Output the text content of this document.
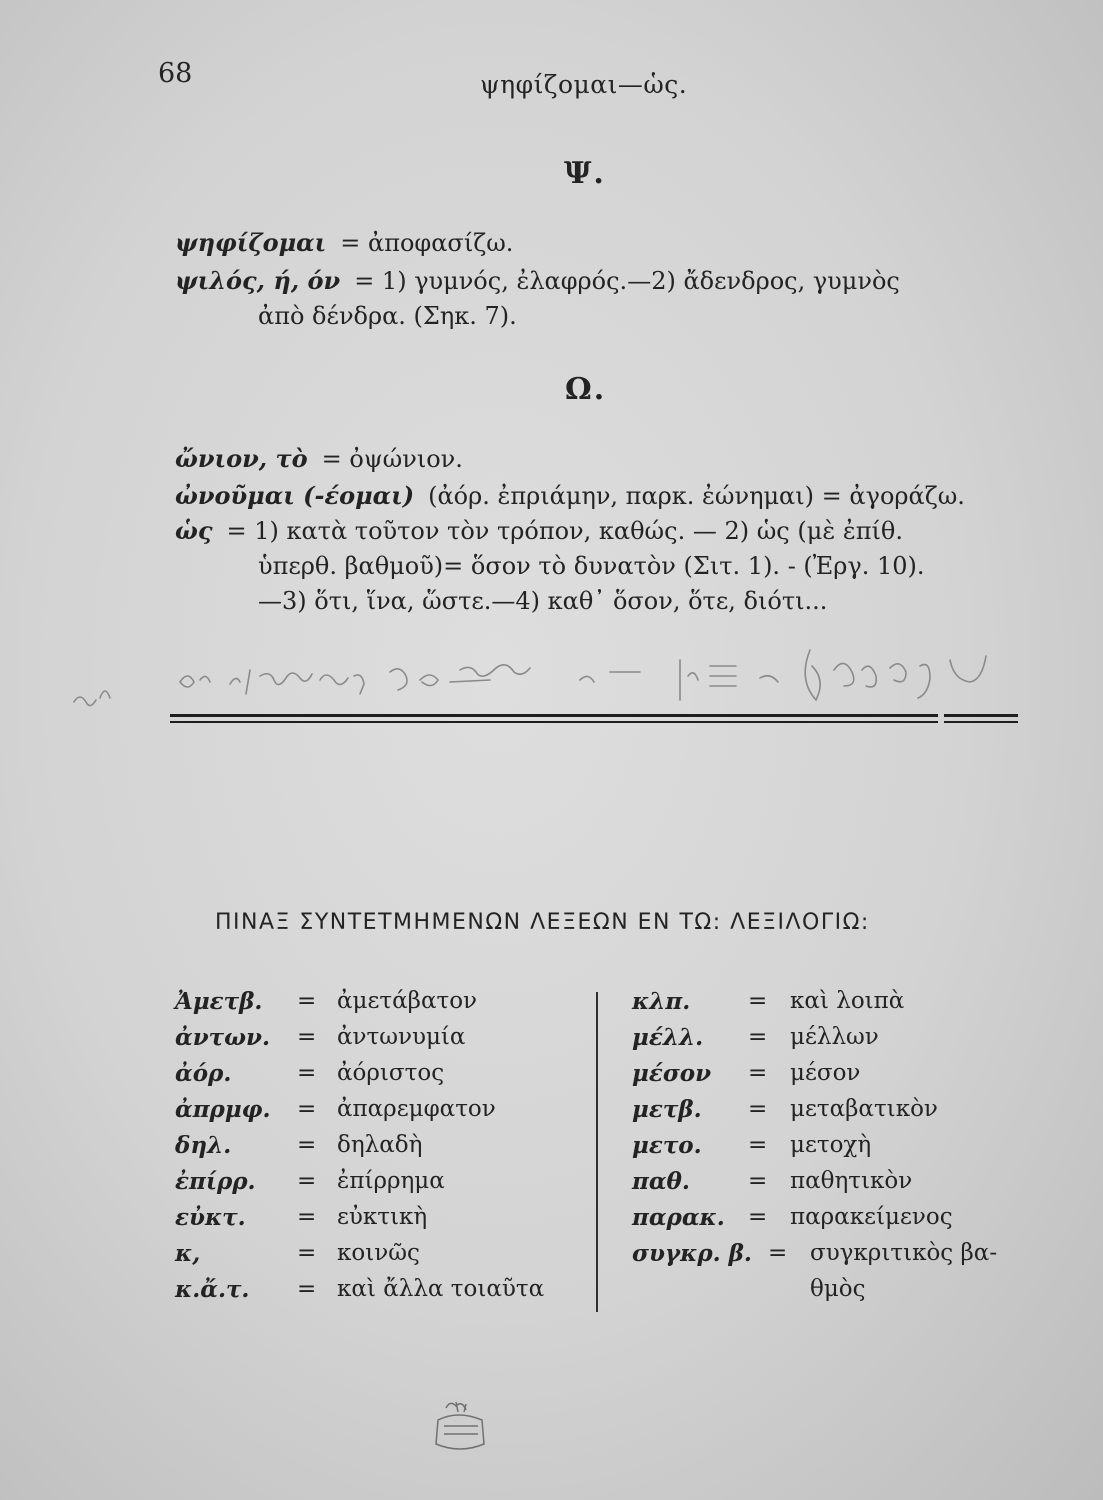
68	ψηφίζομαι—ὡς.
Ψ.
ψηφίζομαι = ἀποφασίζω.
ψιλός, ή, όν = 1) γυμνός, ἐλαφρός.—2) ἄδενδρος, γυμνὸς
ἀπὸ δένδρα. (Σηκ. 7).
Ω.
ὤνιον, τὸ = ὀψώνιον.
ὠνοῦμαι (-έομαι) (ἀόρ. ἐπριάμην, παρκ. ἐώνημαι) = ἀγοράζω.
ὡς = 1) κατὰ τοῦτον τὸν τρόπον, καθώς. — 2) ὡς (μὲ ἐπίθ.
ὑπερθ. βαθμοῦ)= ὅσον τὸ δυνατὸν (Σιτ. 1). - (Ἐργ. 10).
—3) ὅτι, ἵνα, ὥστε.—4) καθ᾽ ὅσον, ὅτε, διότι...
ΠΙΝΑΞ ΣΥΝΤΕΤΜΗΜΕΝΩΝ ΛΕΞΕΩΝ ΕΝ ΤΩ: ΛΕΞΙΛΟΓΙΩ:
Ἀμετβ. = ἀμετάβατον
ἀντων. = ἀντωνυμία
ἀόρ.	= ἀόριστος
ἀπρμφ. = ἀπαρεμφατον
δηλ.	= δηλαδὴ
ἐπίρρ. = ἐπίρρημα
εὐκτ. = εὐκτικὴ
κ,	= κοινῶς
κ.ἄ.τ. = καὶ ἄλλα τοιαῦτα
κλπ.	= καὶ λοιπὰ
μέλλ. = μέλλων
μέσον = μέσον
μετβ. = μεταβατικὸν
μετο. = μετοχὴ
παθ.	= παθητικὸν
παρακ. = παρακείμενος
συγκρ. β. = συγκριτικὸς βα-
θμὸς
